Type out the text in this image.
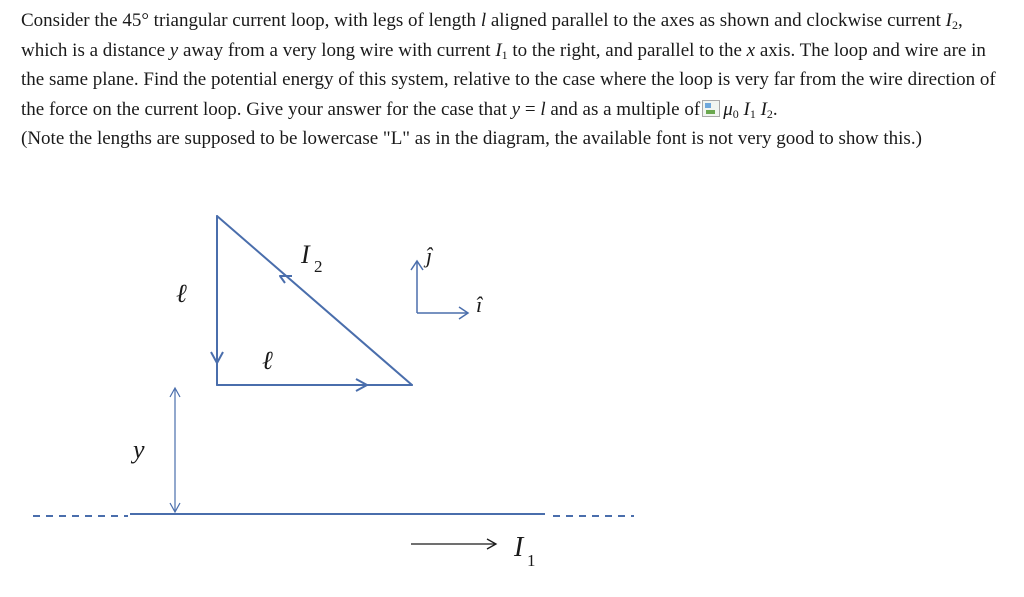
Consider the 45° triangular current loop, with legs of length l aligned parallel to the axes as shown and clockwise current $I_2$, which is a distance y away from a very long wire with current $I_1$ to the right, and parallel to the x axis. The loop and wire are in the same plane. Find the potential energy of this system, relative to the case where the loop is very far from the wire direction of the force on the current loop. Give your answer for the case that y = l and as a multiple of $\mu_0$ $I_1$ $I_2$.
(Note the lengths are supposed to be lowercase "L" as in the diagram, the available font is not very good to show this.)
I 2
ℓ
ℓ
ĵ
î
y
I 1
